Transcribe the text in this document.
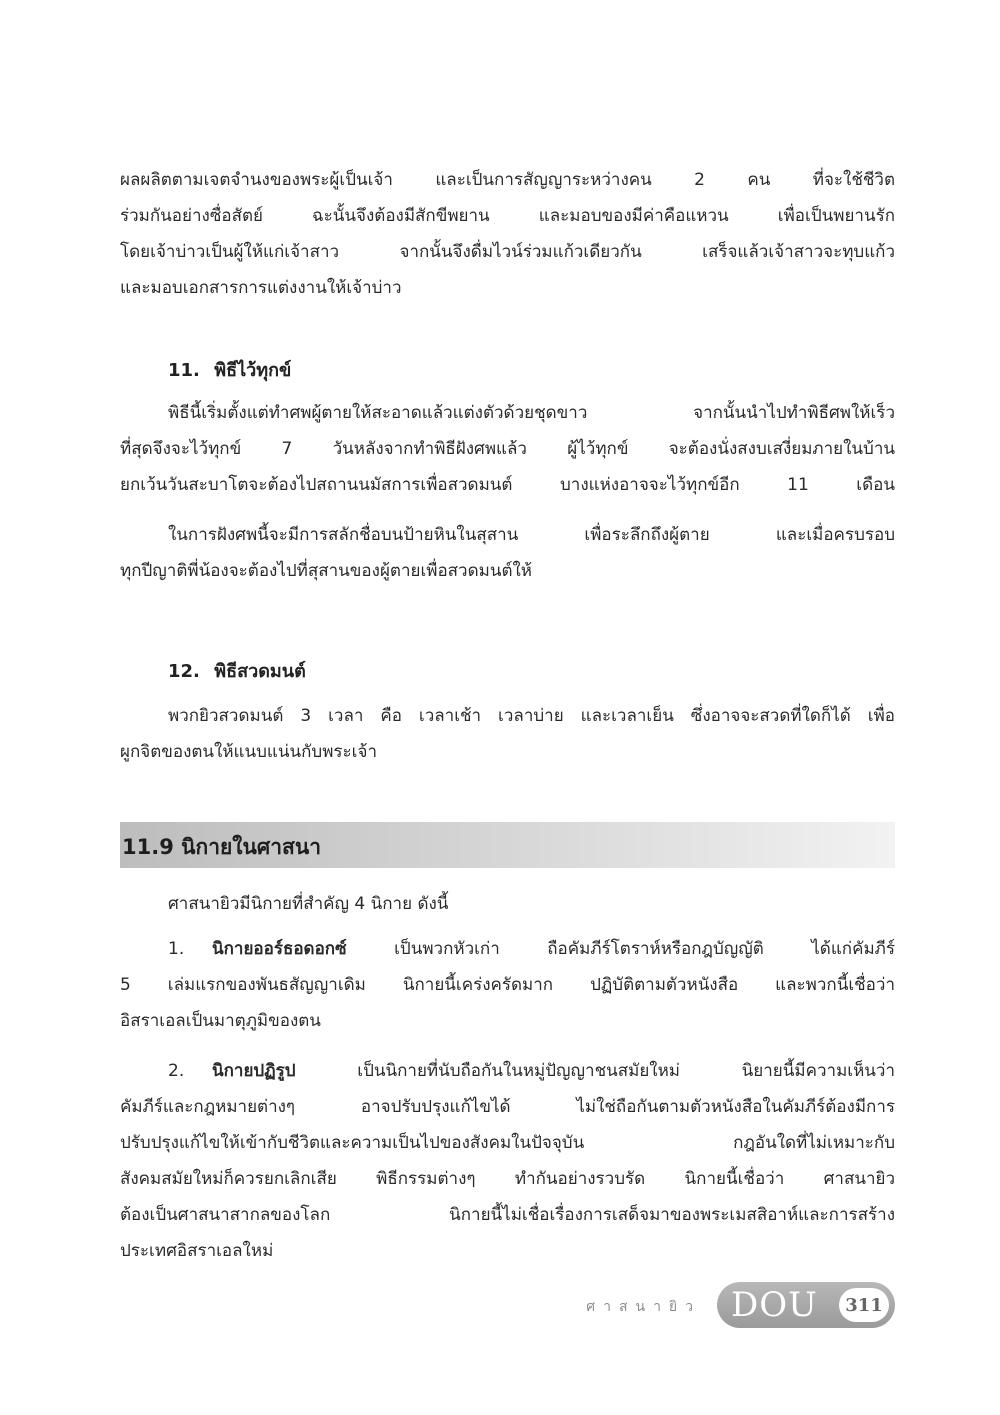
ผลผลิตตามเจตจำนงของพระผู้เป็นเจ้า และเป็นการสัญญาระหว่างคน 2 คน ที่จะใช้ชีวิต
ร่วมกันอย่างซื่อสัตย์ ฉะนั้นจึงต้องมีสักขีพยาน และมอบของมีค่าคือแหวน เพื่อเป็นพยานรัก
โดยเจ้าบ่าวเป็นผู้ให้แก่เจ้าสาว จากนั้นจึงดื่มไวน์ร่วมแก้วเดียวกัน เสร็จแล้วเจ้าสาวจะทุบแก้ว
และมอบเอกสารการแต่งงานให้เจ้าบ่าว
11. พิธีไว้ทุกข์
พิธีนี้เริ่มตั้งแต่ทำศพผู้ตายให้สะอาดแล้วแต่งตัวด้วยชุดขาว จากนั้นนำไปทำพิธีศพให้เร็ว
ที่สุดจึงจะไว้ทุกข์ 7 วันหลังจากทำพิธีฝังศพแล้ว ผู้ไว้ทุกข์ จะต้องนั่งสงบเสงี่ยมภายในบ้าน
ยกเว้นวันสะบาโตจะต้องไปสถานนมัสการเพื่อสวดมนต์ บางแห่งอาจจะไว้ทุกข์อีก 11 เดือน
ในการฝังศพนี้จะมีการสลักชื่อบนป้ายหินในสุสาน เพื่อระลึกถึงผู้ตาย และเมื่อครบรอบ
ทุกปีญาติพี่น้องจะต้องไปที่สุสานของผู้ตายเพื่อสวดมนต์ให้
12. พิธีสวดมนต์
พวกยิวสวดมนต์ 3 เวลา คือ เวลาเช้า เวลาบ่าย และเวลาเย็น ซึ่งอาจจะสวดที่ใดก็ได้ เพื่อ
ผูกจิตของตนให้แนบแน่นกับพระเจ้า
11.9 นิกายในศาสนา
ศาสนายิวมีนิกายที่สำคัญ 4 นิกาย ดังนี้
1. นิกายออร์ธอดอกซ์ เป็นพวกหัวเก่า ถือคัมภีร์โตราห์หรือกฎบัญญัติ ได้แก่คัมภีร์
5 เล่มแรกของพันธสัญญาเดิม นิกายนี้เคร่งครัดมาก ปฏิบัติตามตัวหนังสือ และพวกนี้เชื่อว่า
อิสราเอลเป็นมาตุภูมิของตน
2. นิกายปฏิรูป เป็นนิกายที่นับถือกันในหมู่ปัญญาชนสมัยใหม่ นิยายนี้มีความเห็นว่า
คัมภีร์และกฎหมายต่างๆ อาจปรับปรุงแก้ไขได้ ไม่ใช่ถือกันตามตัวหนังสือในคัมภีร์ต้องมีการ
ปรับปรุงแก้ไขให้เข้ากับชีวิตและความเป็นไปของสังคมในปัจจุบัน กฎอันใดที่ไม่เหมาะกับ
สังคมสมัยใหม่ก็ควรยกเลิกเสีย พิธีกรรมต่างๆ ทำกันอย่างรวบรัด นิกายนี้เชื่อว่า ศาสนายิว
ต้องเป็นศาสนาสากลของโลก นิกายนี้ไม่เชื่อเรื่องการเสด็จมาของพระเมสสิอาห์และการสร้าง
ประเทศอิสราเอลใหม่
ศาสนายิว DOU	311
